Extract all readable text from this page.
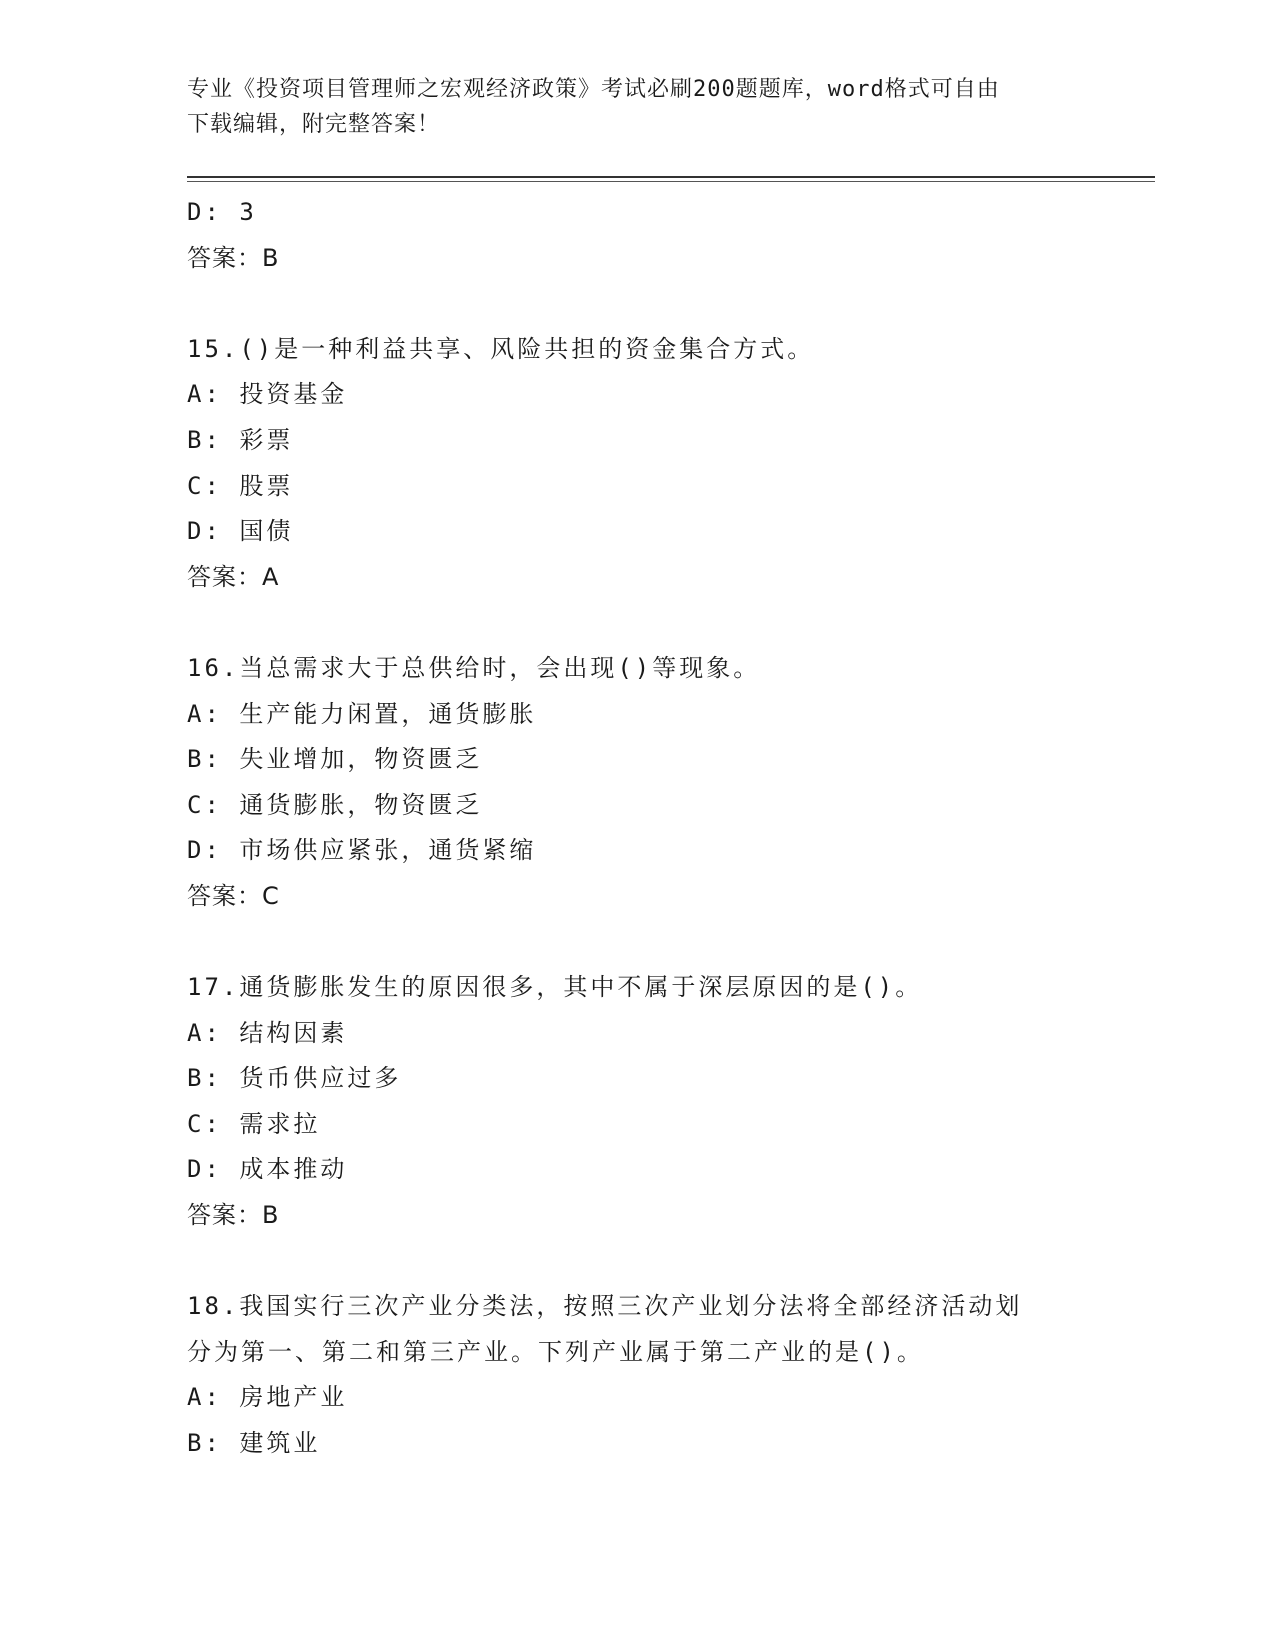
专业《投资项目管理师之宏观经济政策》考试必刷200题题库，word格式可自由
下载编辑，附完整答案！
D: 3
答案：B
15.()是一种利益共享、风险共担的资金集合方式。
A: 投资基金
B: 彩票
C: 股票
D: 国债
答案：A
16.当总需求大于总供给时，会出现()等现象。
A: 生产能力闲置，通货膨胀
B: 失业增加，物资匮乏
C: 通货膨胀，物资匮乏
D: 市场供应紧张，通货紧缩
答案：C
17.通货膨胀发生的原因很多，其中不属于深层原因的是()。
A: 结构因素
B: 货币供应过多
C: 需求拉
D: 成本推动
答案：B
18.我国实行三次产业分类法，按照三次产业划分法将全部经济活动划
分为第一、第二和第三产业。下列产业属于第二产业的是()。
A: 房地产业
B: 建筑业
